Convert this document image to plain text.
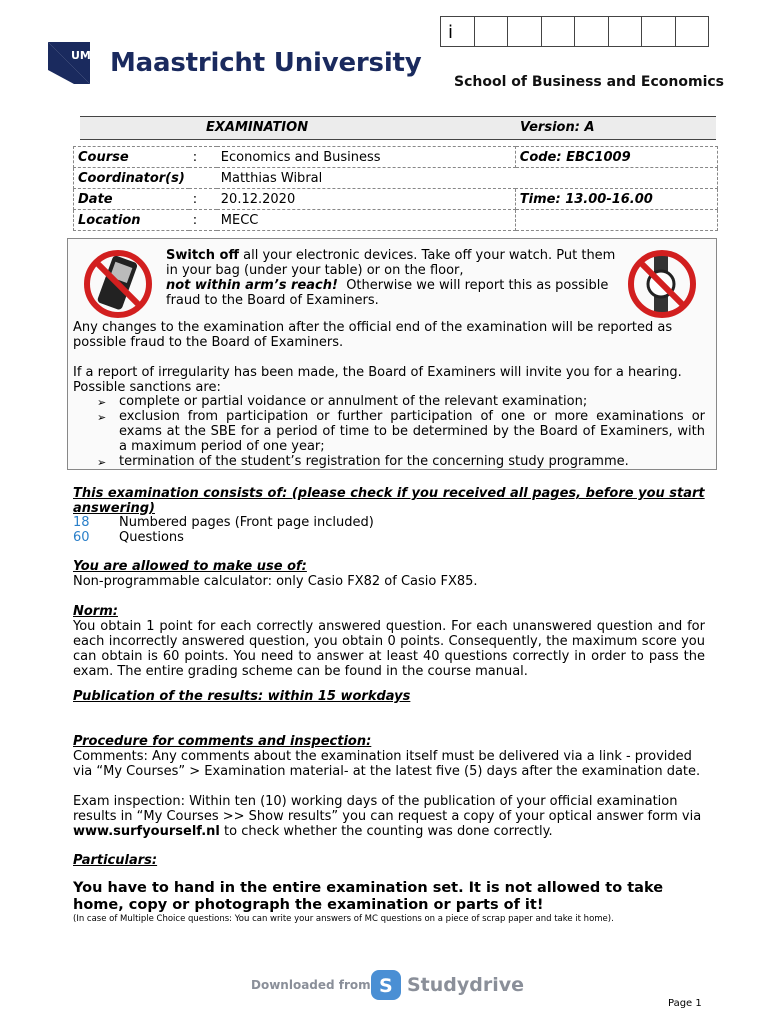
i
UM Maastricht University
School of Business and Economics
EXAMINATION	Version: A
Course	:	Economics and Business	Code: EBC1009
Coordinator(s)		Matthias Wibral	
Date	:	20.12.2020	Time: 13.00-16.00
Location	:	MECC	
Switch off all your electronic devices. Take off your watch. Put them
in your bag (under your table) or on the floor,
not within arm’s reach! Otherwise we will report this as possible
fraud to the Board of Examiners.
Any changes to the examination after the official end of the examination will be reported as possible fraud to the Board of Examiners.
If a report of irregularity has been made, the Board of Examiners will invite you for a hearing. Possible sanctions are:
➢ complete or partial voidance or annulment of the relevant examination;
➢ exclusion from participation or further participation of one or more examinations or exams at the SBE for a period of time to be determined by the Board of Examiners, with a maximum period of one year;
➢ termination of the student’s registration for the concerning study programme.
This examination consists of: (please check if you received all pages, before you start answering)
18 Numbered pages (Front page included)
60 Questions
You are allowed to make use of:
Non-programmable calculator: only Casio FX82 of Casio FX85.
Norm:
You obtain 1 point for each correctly answered question. For each unanswered question and for each incorrectly answered question, you obtain 0 points. Consequently, the maximum score you can obtain is 60 points. You need to answer at least 40 questions correctly in order to pass the exam. The entire grading scheme can be found in the course manual.
Publication of the results: within 15 workdays
Procedure for comments and inspection:
Comments: Any comments about the examination itself must be delivered via a link - provided via “My Courses” > Examination material- at the latest five (5) days after the examination date.
Exam inspection: Within ten (10) working days of the publication of your official examination results in “My Courses >> Show results” you can request a copy of your optical answer form via www.surfyourself.nl to check whether the counting was done correctly.
Particulars:
You have to hand in the entire examination set. It is not allowed to take home, copy or photograph the examination or parts of it!
(In case of Multiple Choice questions: You can write your answers of MC questions on a piece of scrap paper and take it home).
Downloaded from S Studydrive
Page 1
